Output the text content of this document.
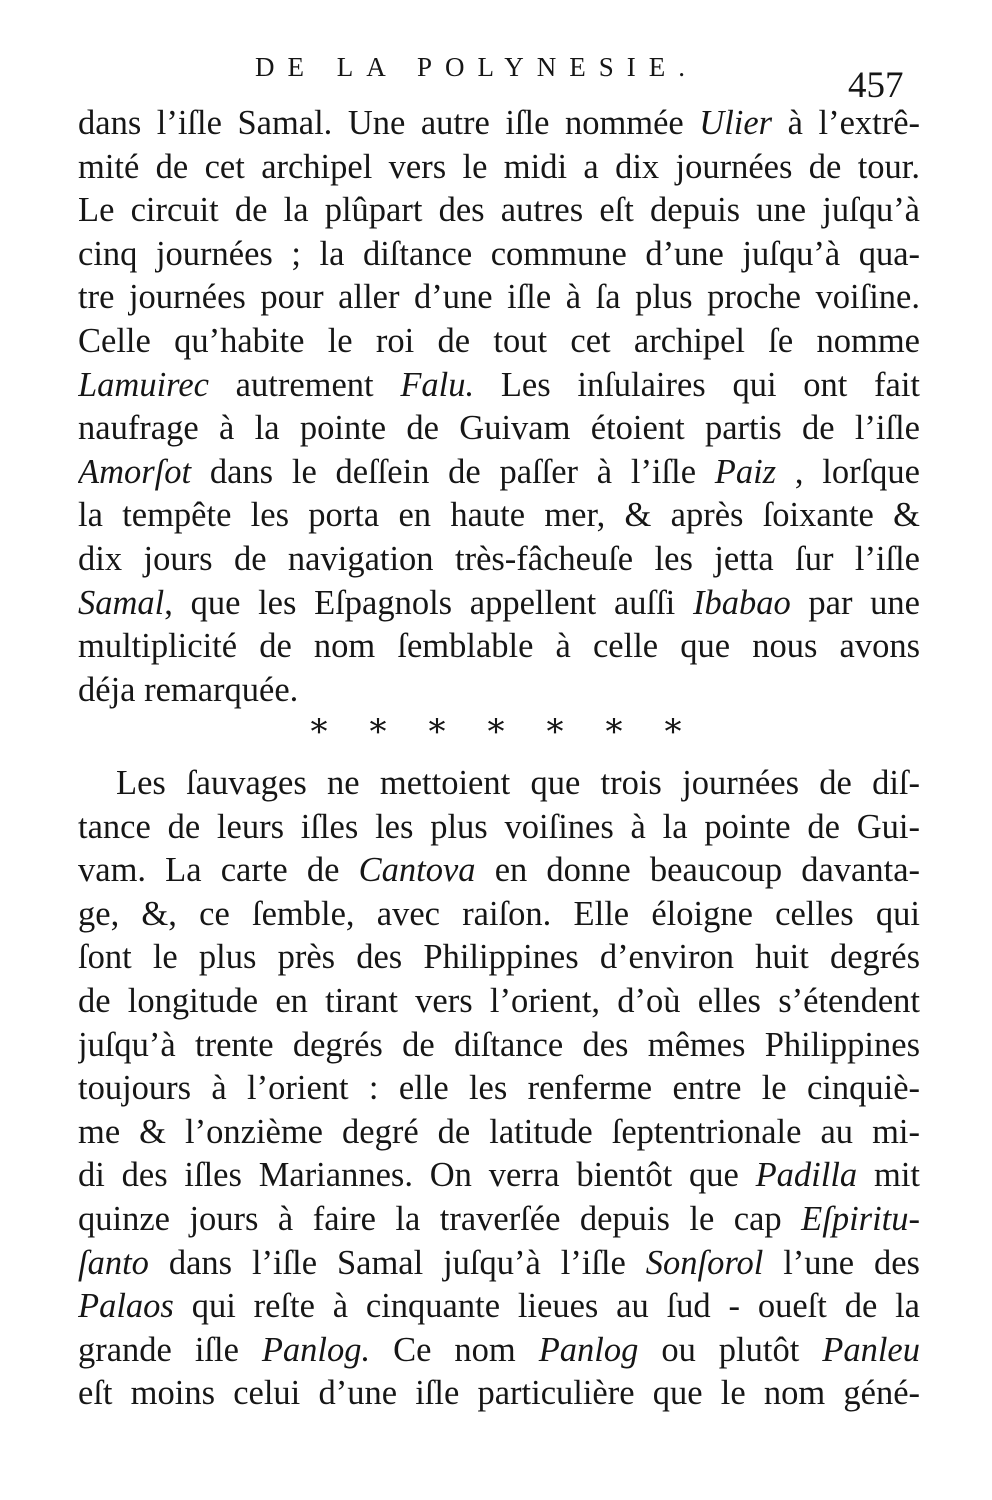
DE LA POLYNESIE.	457
dans l’iſle Samal. Une autre iſle nommée Ulier à l’extrê-
mité de cet archipel vers le midi a dix journées de tour.
Le circuit de la plûpart des autres eſt depuis une juſqu’à
cinq journées ; la diſtance commune d’une juſqu’à qua-
tre journées pour aller d’une iſle à ſa plus proche voiſine.
Celle qu’habite le roi de tout cet archipel ſe nomme
Lamuirec autrement Falu. Les inſulaires qui ont fait
naufrage à la pointe de Guivam étoient partis de l’iſle
Amorſot dans le deſſein de paſſer à l’iſle Paiz , lorſque
la tempête les porta en haute mer, & après ſoixante &
dix jours de navigation très-fâcheuſe les jetta ſur l’iſle
Samal, que les Eſpagnols appellent auſſi Ibabao par une
multiplicité de nom ſemblable à celle que nous avons
déja remarquée.
* * * * * * *
Les ſauvages ne mettoient que trois journées de diſ-
tance de leurs iſles les plus voiſines à la pointe de Gui-
vam. La carte de Cantova en donne beaucoup davanta-
ge, &, ce ſemble, avec raiſon. Elle éloigne celles qui
ſont le plus près des Philippines d’environ huit degrés
de longitude en tirant vers l’orient, d’où elles s’étendent
juſqu’à trente degrés de diſtance des mêmes Philippines
toujours à l’orient : elle les renferme entre le cinquiè-
me & l’onzième degré de latitude ſeptentrionale au mi-
di des iſles Mariannes. On verra bientôt que Padilla mit
quinze jours à faire la traverſée depuis le cap Eſpiritu-
ſanto dans l’iſle Samal juſqu’à l’iſle Sonſorol l’une des
Palaos qui reſte à cinquante lieues au ſud - oueſt de la
grande iſle Panlog. Ce nom Panlog ou plutôt Panleu
eſt moins celui d’une iſle particulière que le nom géné-
